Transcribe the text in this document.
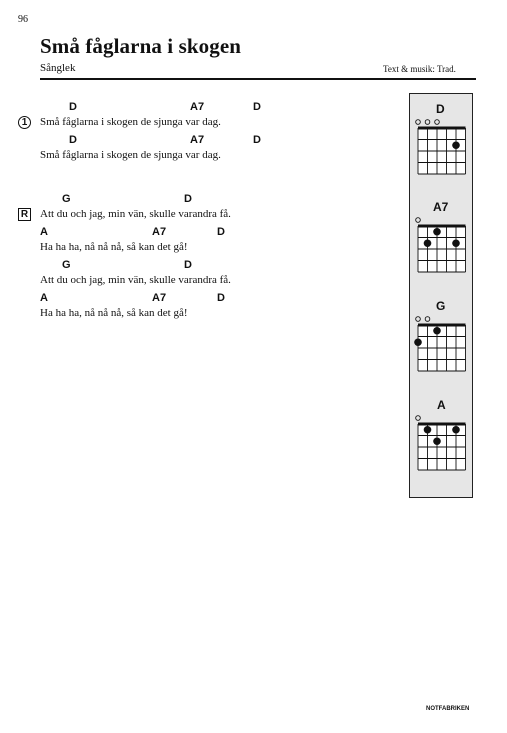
96
Små fåglarna i skogen
Sånglek	Text & musik: Trad.
1
D	A7	D
Små fåglarna i skogen de sjunga var dag.
D	A7	D
Små fåglarna i skogen de sjunga var dag.
R
G	D
Att du och jag, min vän, skulle varandra få.
A	A7	D
Ha ha ha, nå nå nå, så kan det gå!
G	D
Att du och jag, min vän, skulle varandra få.
A	A7	D
Ha ha ha, nå nå nå, så kan det gå!
D
A7
G
A
NOTFABRIKEN
